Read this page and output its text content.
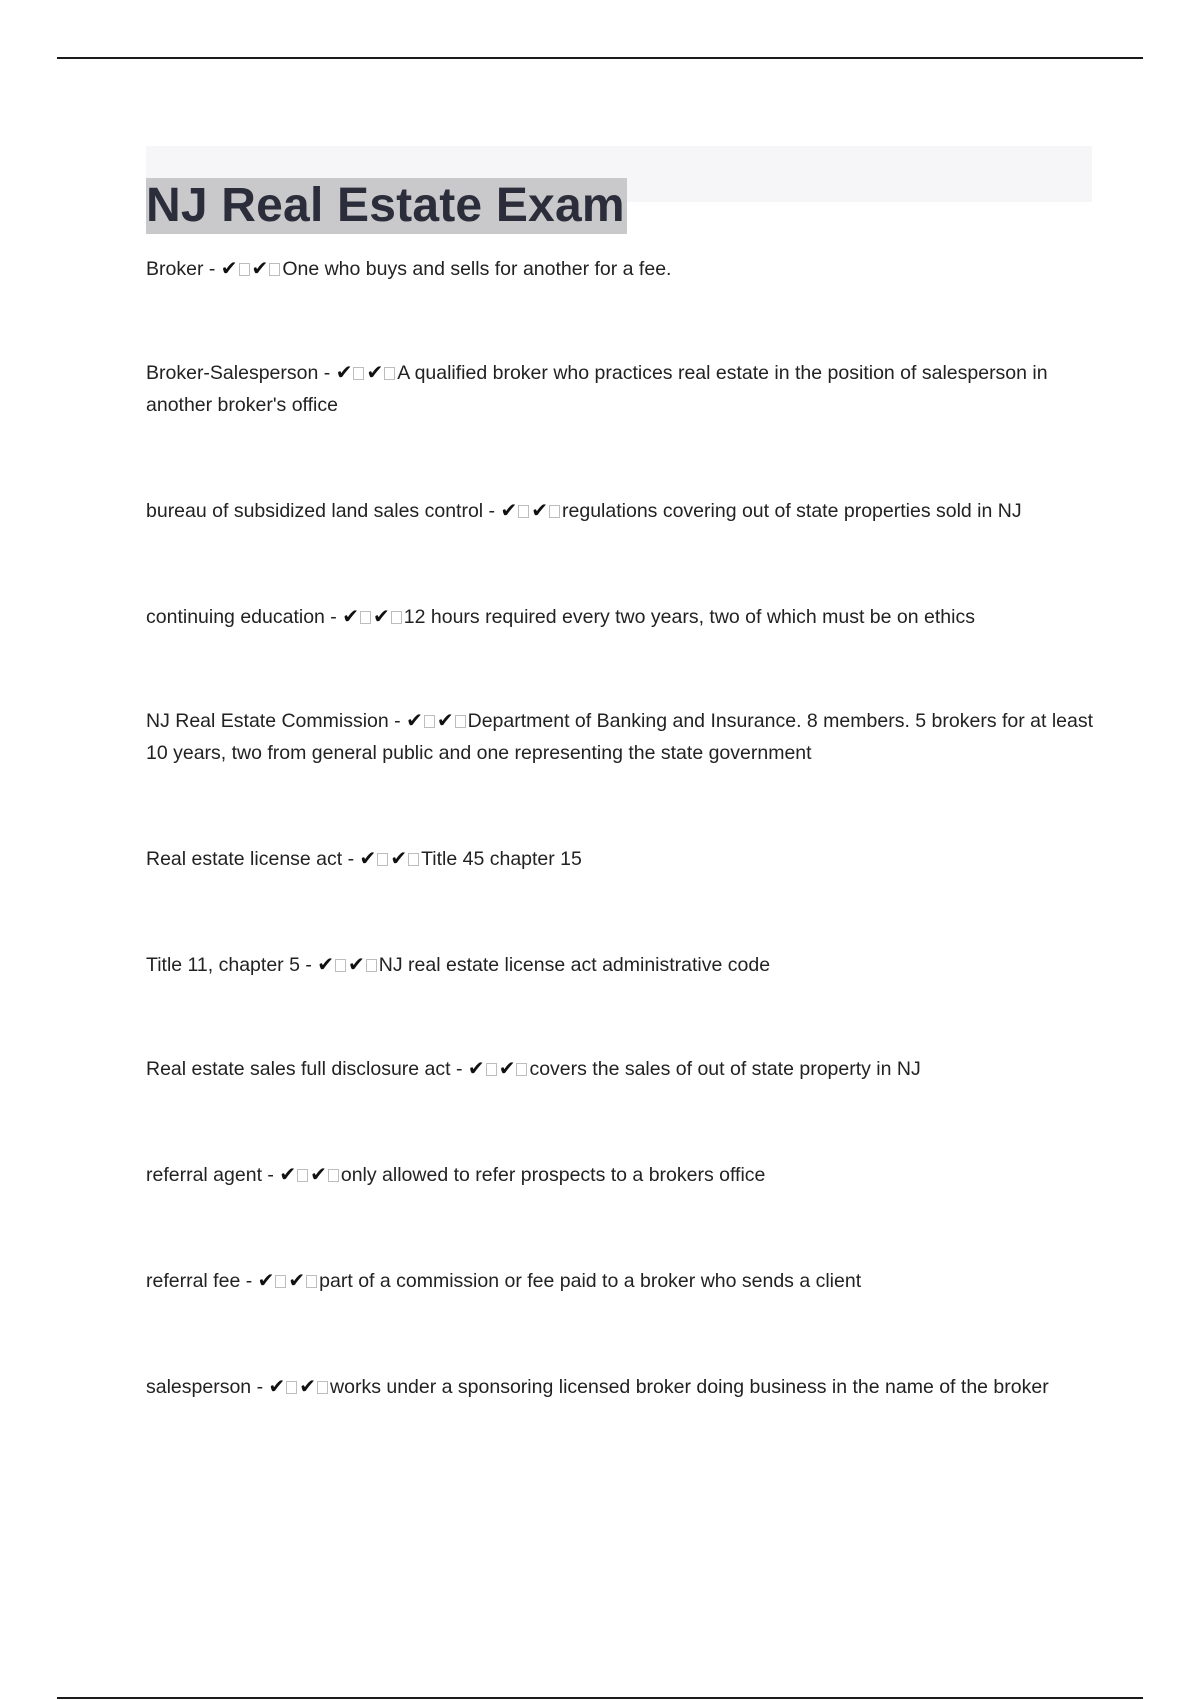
NJ Real Estate Exam

Broker - ✔ ✔ One who buys and sells for another for a fee.

Broker-Salesperson - ✔ ✔ A qualified broker who practices real estate in the position of salesperson in another broker's office

bureau of subsidized land sales control - ✔ ✔ regulations covering out of state properties sold in NJ

continuing education - ✔ ✔ 12 hours required every two years, two of which must be on ethics

NJ Real Estate Commission - ✔ ✔ Department of Banking and Insurance. 8 members. 5 brokers for at least 10 years, two from general public and one representing the state government

Real estate license act - ✔ ✔ Title 45 chapter 15

Title 11, chapter 5 - ✔ ✔ NJ real estate license act administrative code

Real estate sales full disclosure act - ✔ ✔ covers the sales of out of state property in NJ

referral agent - ✔ ✔ only allowed to refer prospects to a brokers office

referral fee - ✔ ✔ part of a commission or fee paid to a broker who sends a client

salesperson - ✔ ✔ works under a sponsoring licensed broker doing business in the name of the broker
